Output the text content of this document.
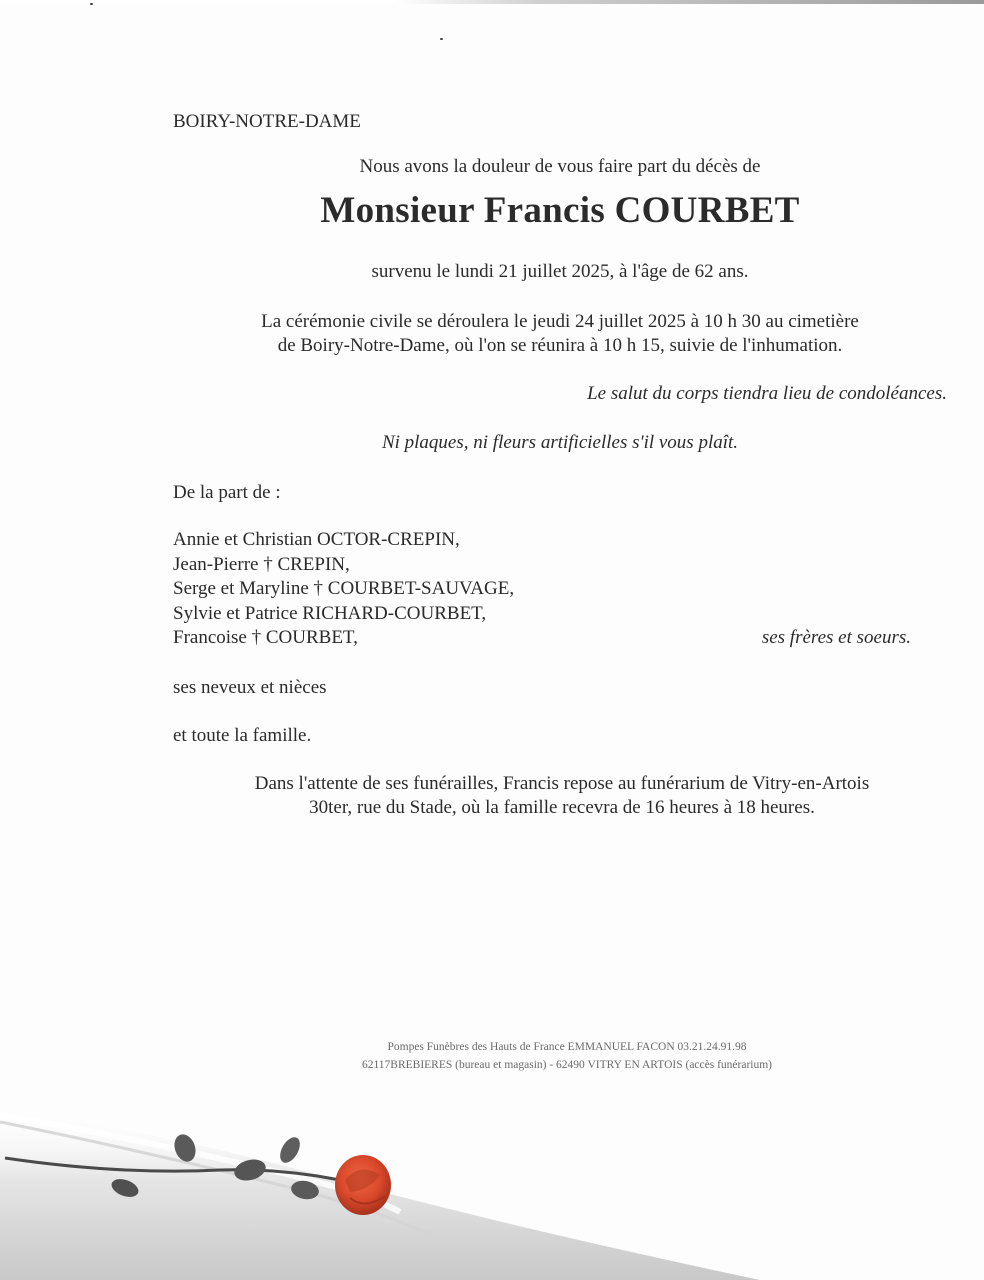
BOIRY-NOTRE-DAME
Nous avons la douleur de vous faire part du décès de
Monsieur Francis COURBET
survenu le lundi 21 juillet 2025, à l'âge de 62 ans.
La cérémonie civile se déroulera le jeudi 24 juillet 2025 à 10 h 30 au cimetière
de Boiry-Notre-Dame, où l'on se réunira à 10 h 15, suivie de l'inhumation.
Le salut du corps tiendra lieu de condoléances.
Ni plaques, ni fleurs artificielles s'il vous plaît.
De la part de :
Annie et Christian OCTOR-CREPIN,
Jean-Pierre † CREPIN,
Serge et Maryline † COURBET-SAUVAGE,
Sylvie et Patrice RICHARD-COURBET,
Francoise † COURBET,	ses frères et soeurs.
ses neveux et nièces
et toute la famille.
Dans l'attente de ses funérailles, Francis repose au funérarium de Vitry-en-Artois
30ter, rue du Stade, où la famille recevra de 16 heures à 18 heures.
Pompes Funèbres des Hauts de France EMMANUEL FACON 03.21.24.91.98
62117BREBIERES (bureau et magasin) - 62490 VITRY EN ARTOIS (accès funérarium)
